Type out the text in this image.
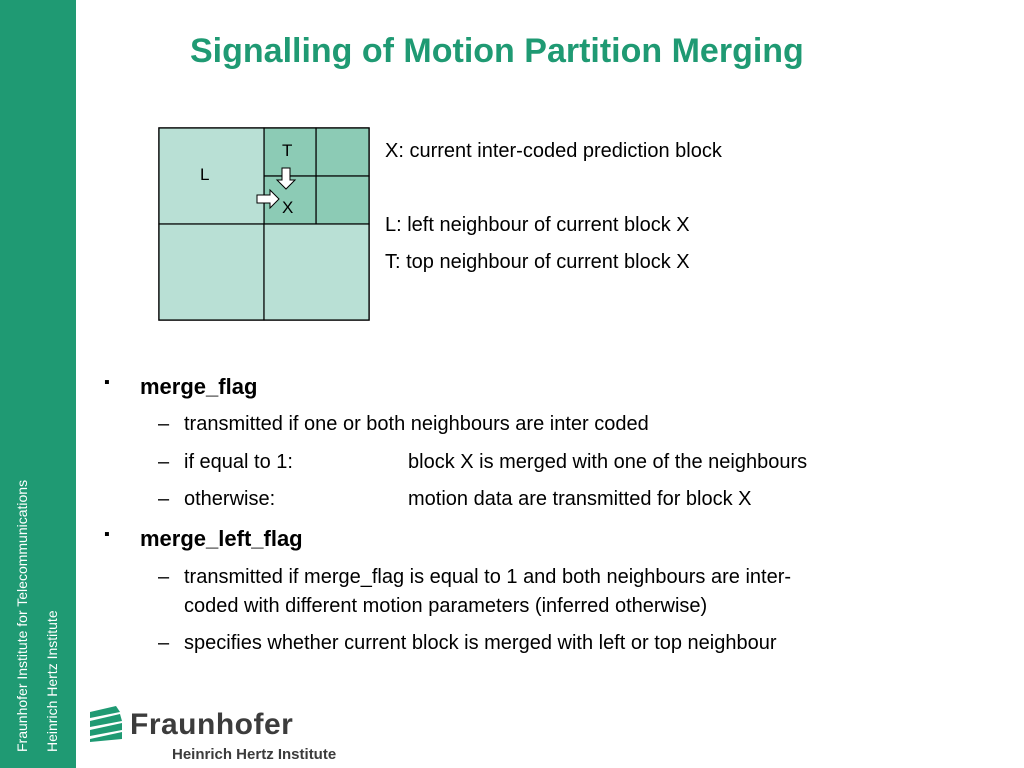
Fraunhofer Institute for Telecommunications Heinrich Hertz Institute
Signalling of Motion Partition Merging
L
T
X
X: current inter-coded prediction block
L: left neighbour of current block X
T: top neighbour of current block X
▪ merge_flag
– transmitted if one or both neighbours are inter coded
– if equal to 1:	block X is merged with one of the neighbours
– otherwise:	motion data are transmitted for block X
▪ merge_left_flag
– transmitted if merge_flag is equal to 1 and both neighbours are inter-
coded with different motion parameters (inferred otherwise)
– specifies whether current block is merged with left or top neighbour
Fraunhofer
Heinrich Hertz Institute
